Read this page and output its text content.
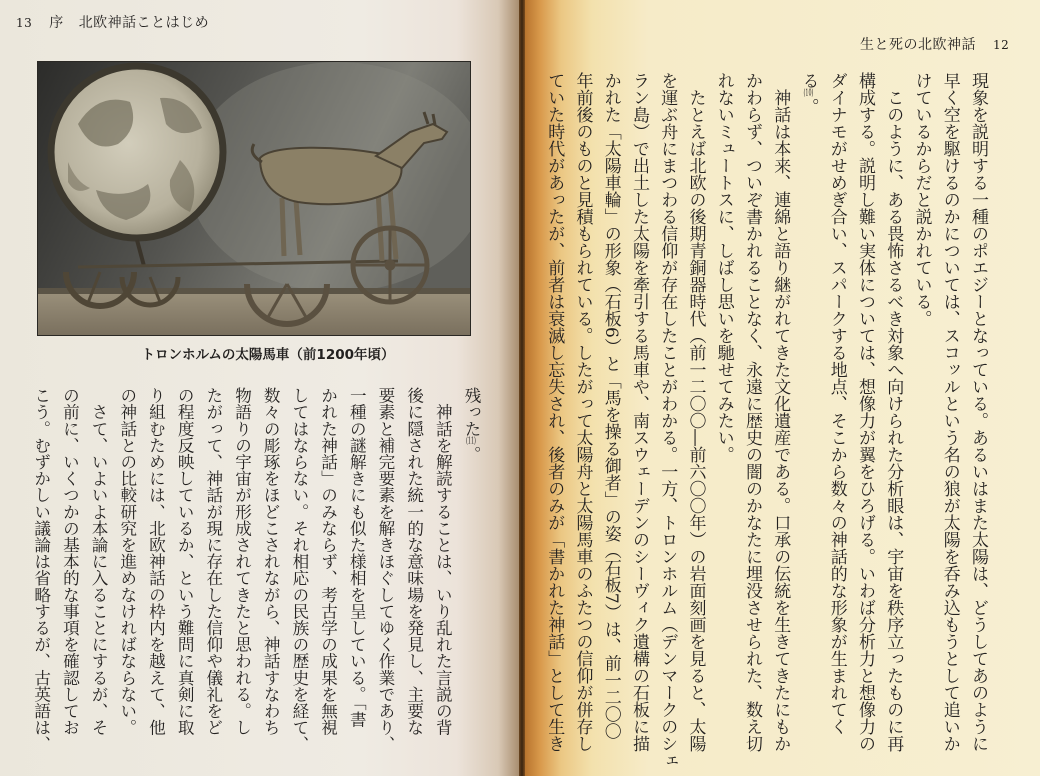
13 序 北欧神話ことはじめ
生と死の北欧神話 12
トロンホルムの太陽馬車（前1200年頃）
残った(11)。
　神話を解読することは、いり乱れた言説の背
後に隠された統一的な意味場を発見し、主要な
要素と補完要素を解きほぐしてゆく作業であり、
一種の謎解きにも似た様相を呈している。「書
かれた神話」のみならず、考古学の成果を無視
してはならない。それ相応の民族の歴史を経て、
数々の彫琢をほどこされながら、神話すなわち
物語りの宇宙が形成されてきたと思われる。し
たがって、神話が現に存在した信仰や儀礼をど
の程度反映しているか、という難問に真剣に取
り組むためには、北欧神話の枠内を越えて、他
の神話との比較研究を進めなければならない。
　さて、いよいよ本論に入ることにするが、そ
の前に、いくつかの基本的な事項を確認してお
こう。むずかしい議論は省略するが、古英語は、	現象を説明する一種のポエジーとなっている。あるいはまた太陽は、どうしてあのように
早く空を駆けるのかについては、スコッルという名の狼が太陽を呑み込もうとして追いか
けているからだと説かれている。
　このように、ある畏怖さるべき対象へ向けられた分析眼は、宇宙を秩序立ったものに再
構成する。説明し難い実体については、想像力が翼をひろげる。いわば分析力と想像力の
ダイナモがせめぎ合い、スパークする地点、そこから数々の神話的な形象が生まれてく
る(10)。
　神話は本来、連綿と語り継がれてきた文化遺産である。口承の伝統を生きてきたにもか
かわらず、ついぞ書かれることなく、永遠に歴史の闇のかなたに埋没させられた、数え切
れないミュートスに、しばし思いを馳せてみたい。
　たとえば北欧の後期青銅器時代（前一二〇〇―前六〇〇年）の岩面刻画を見ると、太陽
を運ぶ舟にまつわる信仰が存在したことがわかる。一方、トロンホルム（デンマークのシェ
ラン島）で出土した太陽を牽引する馬車や、南スウェーデンのシーヴィク遺構の石板に描
かれた「太陽車輪」の形象（石板6）と「馬を操る御者」の姿（石板7）は、前一二〇〇
年前後のものと見積もられている。したがって太陽舟と太陽馬車のふたつの信仰が併存し
ていた時代があったが、前者は衰滅し忘失され、後者のみが「書かれた神話」として生き
